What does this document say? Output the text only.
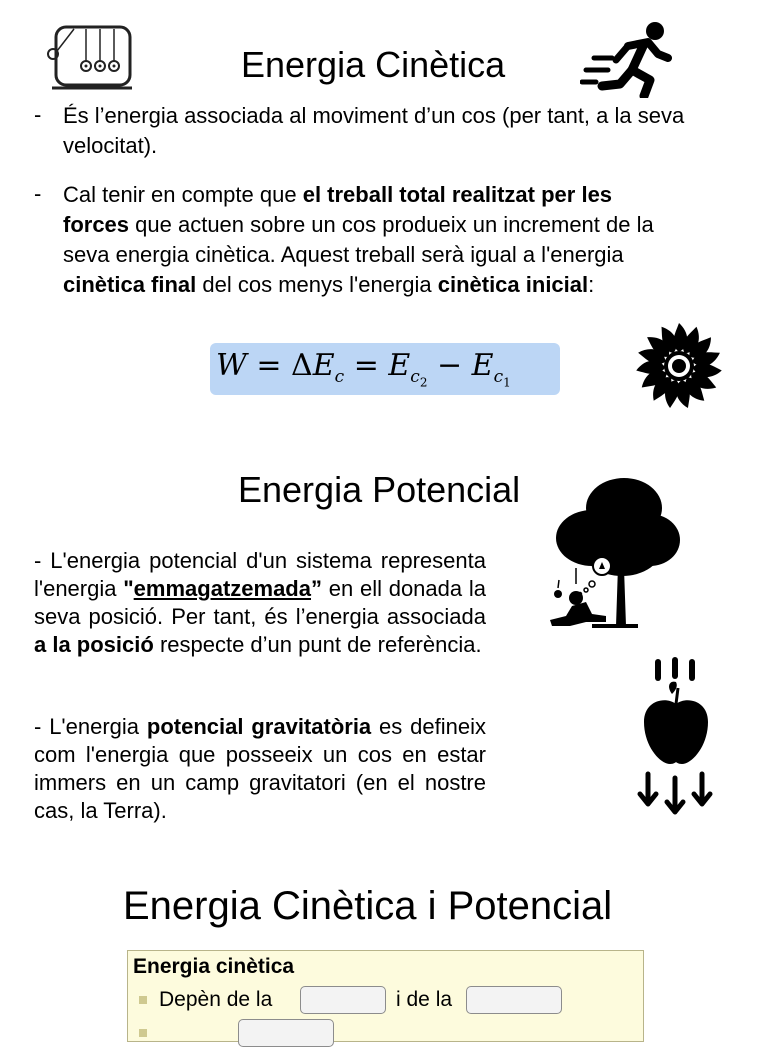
Energia Cinètica
- És l’energia associada al moviment d’un cos (per tant, a la seva velocitat).
- Cal tenir en compte que el treball total realitzat per les forces que actuen sobre un cos produeix un increment de la seva energia cinètica. Aquest treball serà igual a l'energia cinètica final del cos menys l'energia cinètica inicial:
$W = \Delta E_c = E_{c_2} - E_{c_1}$
Energia Potencial
- L'energia potencial d'un sistema representa l'energia "emmagatzemada” en ell donada la seva posició. Per tant, és l’energia associada a la posició respecte d’un punt de referència.
- L'energia potencial gravitatòria es defineix com l'energia que posseeix un cos en estar immers en un camp gravitatori (en el nostre cas, la Terra).
Energia Cinètica i Potencial
Energia cinètica
Depèn de la	i de la
